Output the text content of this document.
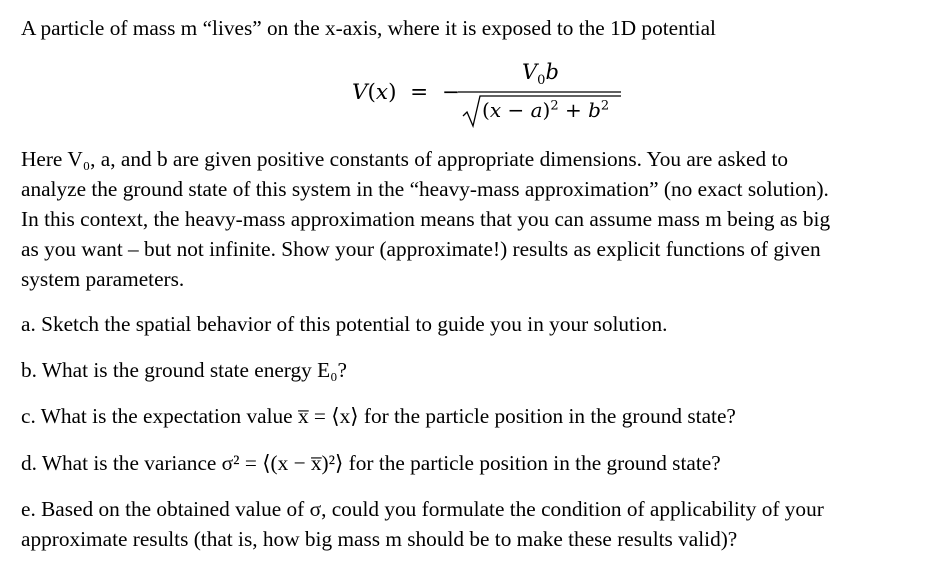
A particle of mass m “lives” on the x-axis, where it is exposed to the 1D potential
V(x) = −
$V_0b$
$(x - a)^2 + b^2$
Here V₀, a, and b are given positive constants of appropriate dimensions. You are asked to
analyze the ground state of this system in the “heavy-mass approximation” (no exact solution).
In this context, the heavy-mass approximation means that you can assume mass m being as big
as you want – but not infinite. Show your (approximate!) results as explicit functions of given
system parameters.
a. Sketch the spatial behavior of this potential to guide you in your solution.
b. What is the ground state energy E₀?
c. What is the expectation value x̅ = ⟨x⟩ for the particle position in the ground state?
d. What is the variance σ² = ⟨(x − x̅)²⟩ for the particle position in the ground state?
e. Based on the obtained value of σ, could you formulate the condition of applicability of your
approximate results (that is, how big mass m should be to make these results valid)?
